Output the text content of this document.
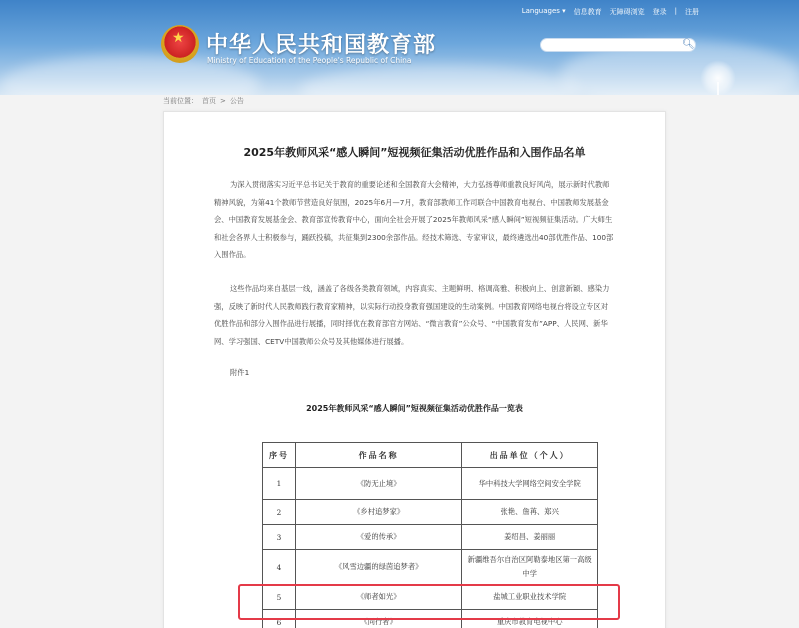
★ 中华人民共和国教育部
Ministry of Education of the People's Republic of China
Languages ▾ 信息教育 无障碍浏览 登录 | 注册
🔍︎
当前位置： 首页 > 公告
2025年教师风采“感人瞬间”短视频征集活动优胜作品和入围作品名单
为深入贯彻落实习近平总书记关于教育的重要论述和全国教育大会精神，大力弘扬尊师重教良好风尚，展示新时代教师精神风貌，为第41个教师节营造良好氛围，2025年6月—7月，教育部教师工作司联合中国教育电视台、中国教师发展基金会、中国教育发展基金会、教育部宣传教育中心，面向全社会开展了2025年教师风采“感人瞬间”短视频征集活动。广大师生和社会各界人士积极参与，踊跃投稿，共征集到2300余部作品。经技术筛选、专家审议，最终遴选出40部优胜作品、100部入围作品。
这些作品均来自基层一线，涵盖了各级各类教育领域，内容真实、主题鲜明、格调高雅、积极向上、创意新颖、感染力强，反映了新时代人民教师践行教育家精神，以实际行动投身教育强国建设的生动案例。中国教育网络电视台将设立专区对优胜作品和部分入围作品进行展播，同时择优在教育部官方网站、“微言教育”公众号、“中国教育发布”APP、人民网、新华网、学习强国、CETV中国教师公众号及其他媒体进行展播。
附件1
2025年教师风采“感人瞬间”短视频征集活动优胜作品一览表
序号	作品名称	出品单位（个人）
1	《防无止境》	华中科技大学网络空间安全学院
2	《乡村追梦家》	张艳、詹苒、郑兴
3	《爱的传承》	姜绍昌、姜丽丽
4	《风雪边疆的绿茵追梦者》	新疆维吾尔自治区阿勒泰地区第一高级中学
5	《师者如光》	盐城工业职业技术学院
6	《同行者》	重庆市教育电视中心
